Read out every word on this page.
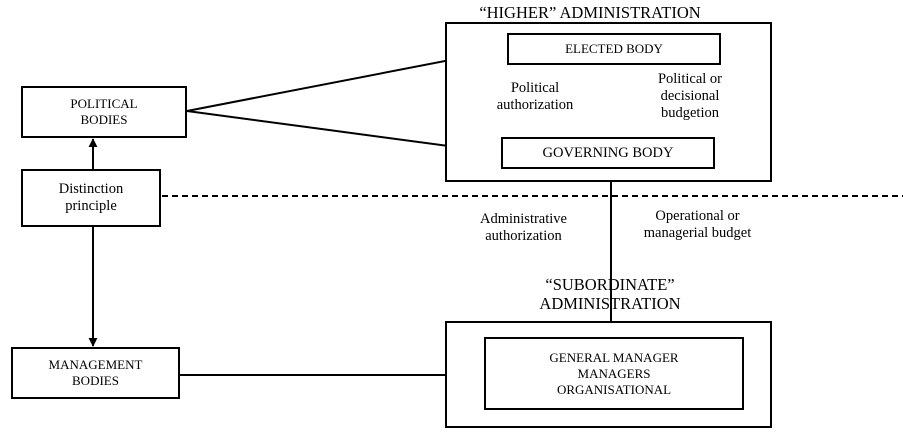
“HIGHER” ADMINISTRATION
“SUBORDINATE”
ADMINISTRATION
ELECTED BODY
GOVERNING BODY
GENERAL MANAGER
MANAGERS
ORGANISATIONAL
POLITICAL
BODIES
Distinction
principle
MANAGEMENT
BODIES
Political
authorization
Political or
decisional
budgetion
Administrative
authorization
Operational or
managerial budget
